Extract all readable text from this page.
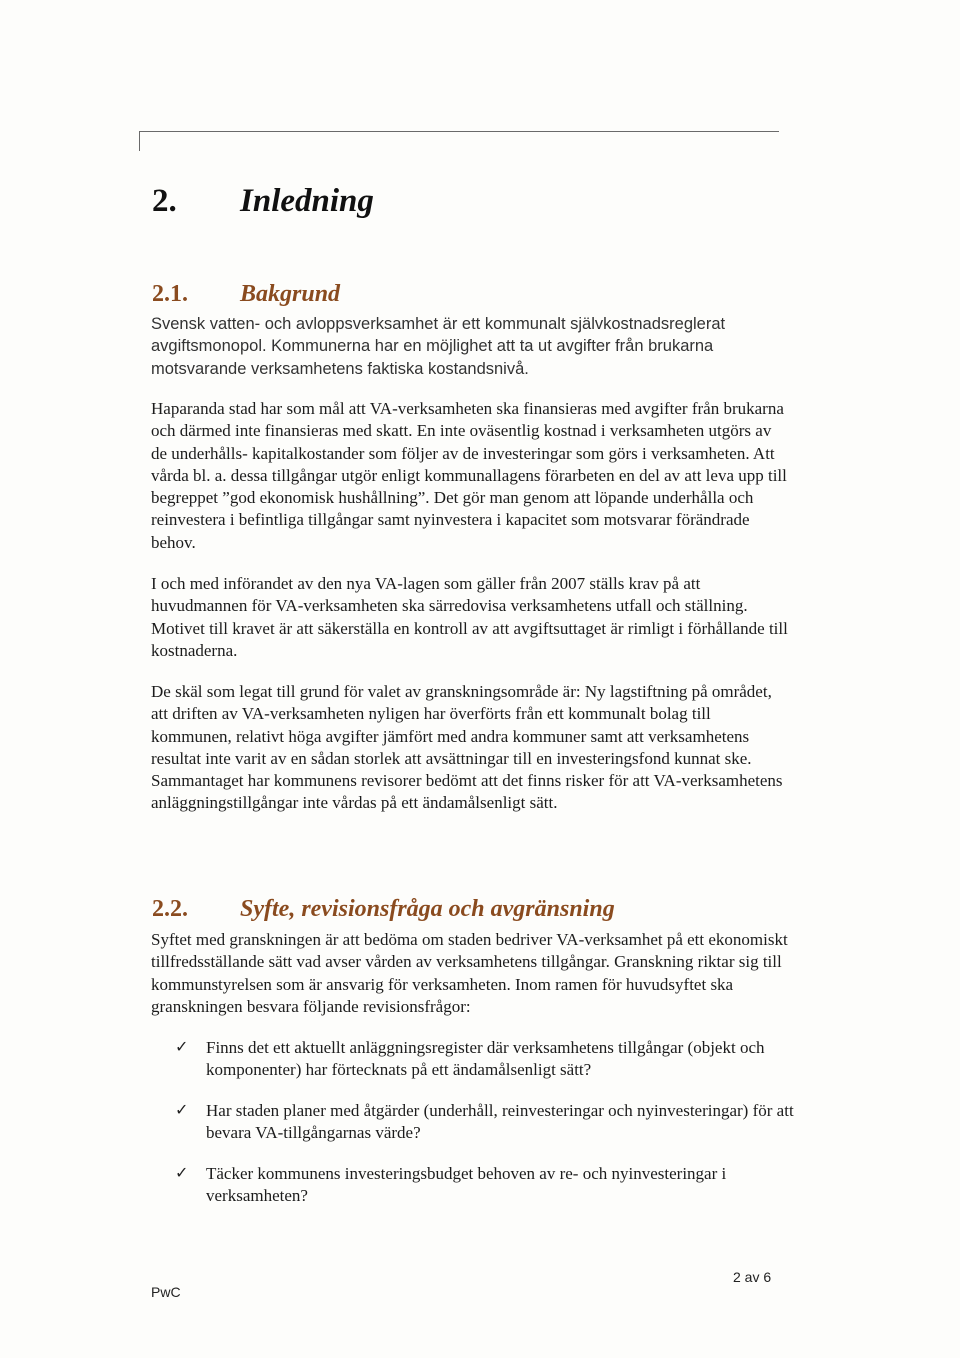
2. Inledning
2.1. Bakgrund

Svensk vatten- och avloppsverksamhet är ett kommunalt självkostnadsreglerat avgiftsmonopol. Kommunerna har en möjlighet att ta ut avgifter från brukarna motsvarande verksamhetens faktiska kostandsnivå.

Haparanda stad har som mål att VA-verksamheten ska finansieras med avgifter från brukarna och därmed inte finansieras med skatt. En inte oväsentlig kostnad i verksamheten utgörs av de underhålls- kapitalkostander som följer av de investeringar som görs i verksamheten. Att vårda bl. a. dessa tillgångar utgör enligt kommunallagens förarbeten en del av att leva upp till begreppet ”god ekonomisk hushållning”. Det gör man genom att löpande underhålla och reinvestera i befintliga tillgångar samt nyinvestera i kapacitet som motsvarar förändrade behov.

I och med införandet av den nya VA-lagen som gäller från 2007 ställs krav på att huvudmannen för VA-verksamheten ska särredovisa verksamhetens utfall och ställning. Motivet till kravet är att säkerställa en kontroll av att avgiftsuttaget är rimligt i förhållande till kostnaderna.

De skäl som legat till grund för valet av granskningsområde är: Ny lagstiftning på området, att driften av VA-verksamheten nyligen har överförts från ett kommunalt bolag till kommunen, relativt höga avgifter jämfört med andra kommuner samt att verksamhetens resultat inte varit av en sådan storlek att avsättningar till en investeringsfond kunnat ske. Sammantaget har kommunens revisorer bedömt att det finns risker för att VA-verksamhetens anläggningstillgångar inte vårdas på ett ändamålsenligt sätt.

2.2. Syfte, revisionsfråga och avgränsning

Syftet med granskningen är att bedöma om staden bedriver VA-verksamhet på ett ekonomiskt tillfredsställande sätt vad avser vården av verksamhetens tillgångar. Granskning riktar sig till kommunstyrelsen som är ansvarig för verksamheten. Inom ramen för huvudsyftet ska granskningen besvara följande revisionsfrågor:

✓ Finns det ett aktuellt anläggningsregister där verksamhetens tillgångar (objekt och komponenter) har förtecknats på ett ändamålsenligt sätt?
✓ Har staden planer med åtgärder (underhåll, reinvesteringar och nyinvesteringar) för att bevara VA-tillgångarnas värde?
✓ Täcker kommunens investeringsbudget behoven av re- och nyinvesteringar i verksamheten?
2 av 6
PwC
